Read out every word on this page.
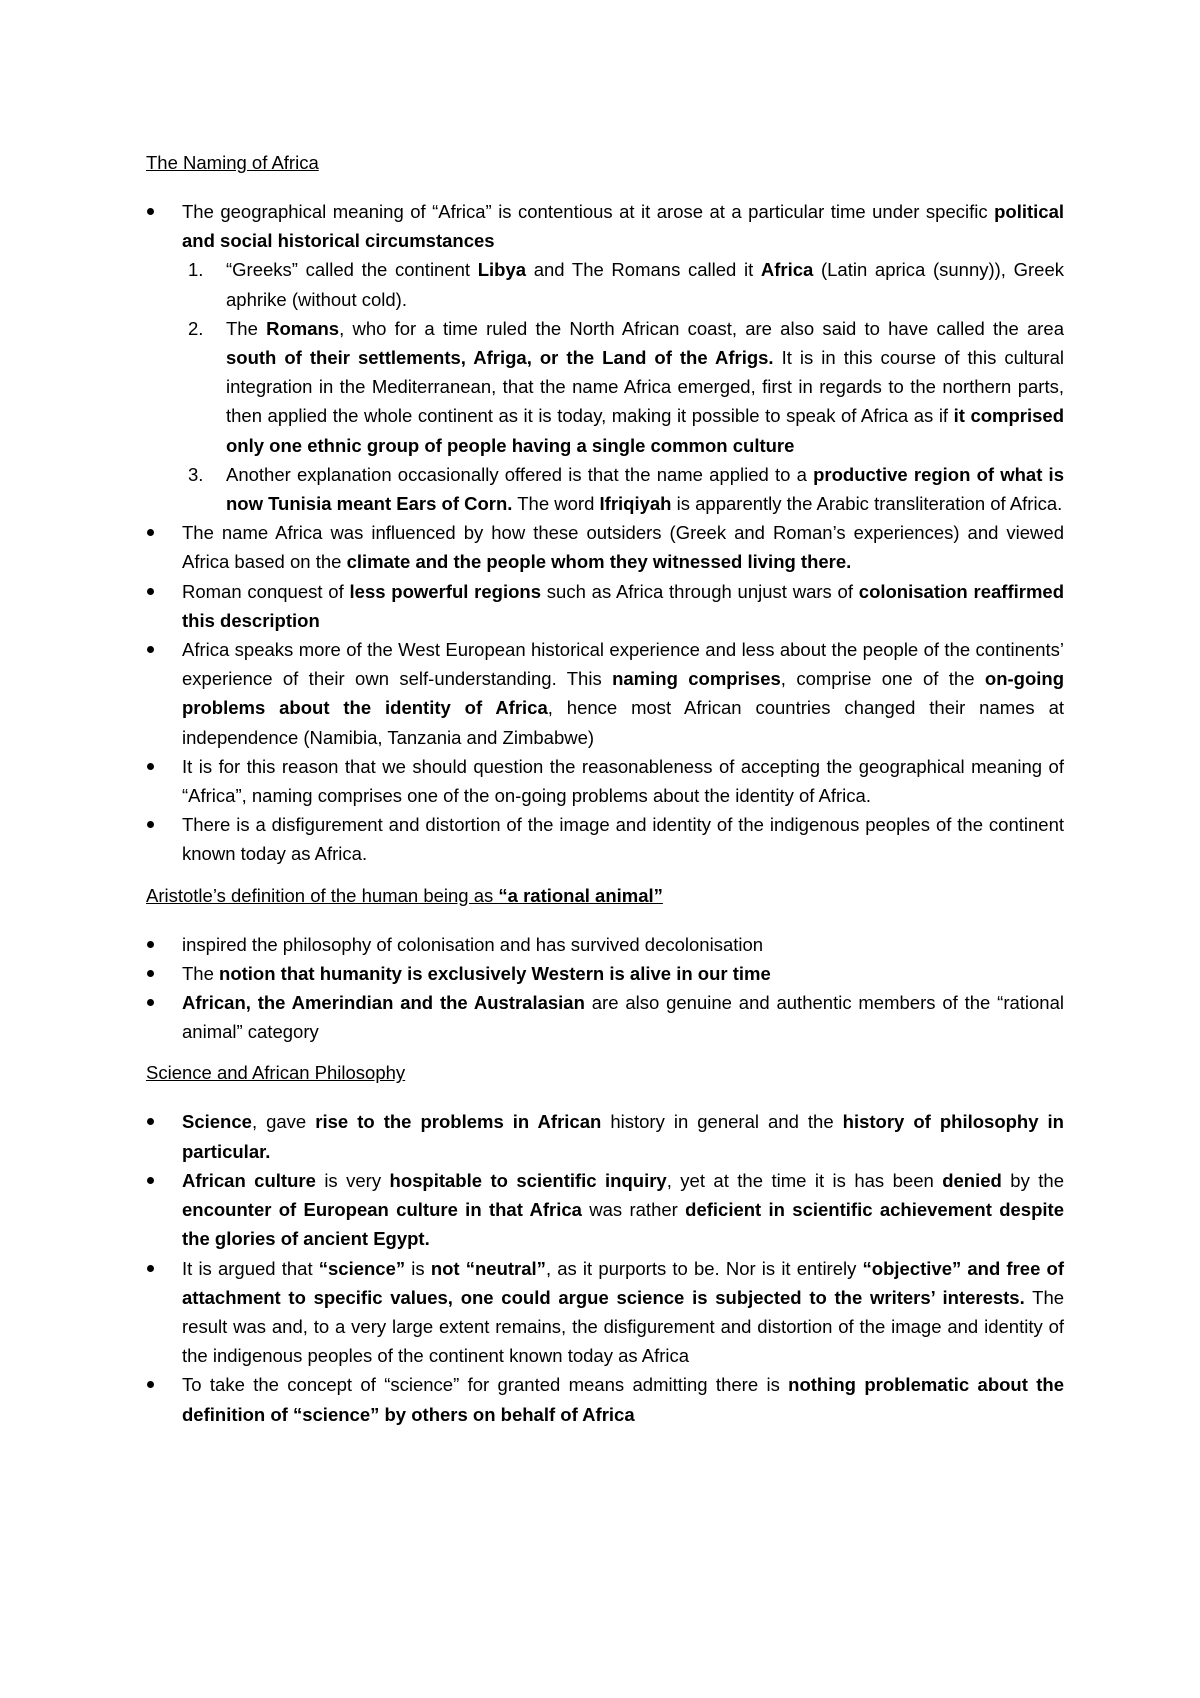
The Naming of Africa
The geographical meaning of “Africa” is contentious at it arose at a particular time under specific political and social historical circumstances
1. “Greeks” called the continent Libya and The Romans called it Africa (Latin aprica (sunny)), Greek aphrike (without cold).
2. The Romans, who for a time ruled the North African coast, are also said to have called the area south of their settlements, Afriga, or the Land of the Afrigs. It is in this course of this cultural integration in the Mediterranean, that the name Africa emerged, first in regards to the northern parts, then applied the whole continent as it is today, making it possible to speak of Africa as if it comprised only one ethnic group of people having a single common culture
3. Another explanation occasionally offered is that the name applied to a productive region of what is now Tunisia meant Ears of Corn. The word Ifriqiyah is apparently the Arabic transliteration of Africa.
The name Africa was influenced by how these outsiders (Greek and Roman’s experiences) and viewed Africa based on the climate and the people whom they witnessed living there.
Roman conquest of less powerful regions such as Africa through unjust wars of colonisation reaffirmed this description
Africa speaks more of the West European historical experience and less about the people of the continents’ experience of their own self-understanding. This naming comprises, comprise one of the on-going problems about the identity of Africa, hence most African countries changed their names at independence (Namibia, Tanzania and Zimbabwe)
It is for this reason that we should question the reasonableness of accepting the geographical meaning of “Africa”, naming comprises one of the on-going problems about the identity of Africa.
There is a disfigurement and distortion of the image and identity of the indigenous peoples of the continent known today as Africa.
Aristotle’s definition of the human being as “a rational animal”
inspired the philosophy of colonisation and has survived decolonisation
The notion that humanity is exclusively Western is alive in our time
African, the Amerindian and the Australasian are also genuine and authentic members of the “rational animal” category
Science and African Philosophy
Science, gave rise to the problems in African history in general and the history of philosophy in particular.
African culture is very hospitable to scientific inquiry, yet at the time it is has been denied by the encounter of European culture in that Africa was rather deficient in scientific achievement despite the glories of ancient Egypt.
It is argued that “science” is not “neutral”, as it purports to be. Nor is it entirely “objective” and free of attachment to specific values, one could argue science is subjected to the writers’ interests. The result was and, to a very large extent remains, the disfigurement and distortion of the image and identity of the indigenous peoples of the continent known today as Africa
To take the concept of “science” for granted means admitting there is nothing problematic about the definition of “science” by others on behalf of Africa
